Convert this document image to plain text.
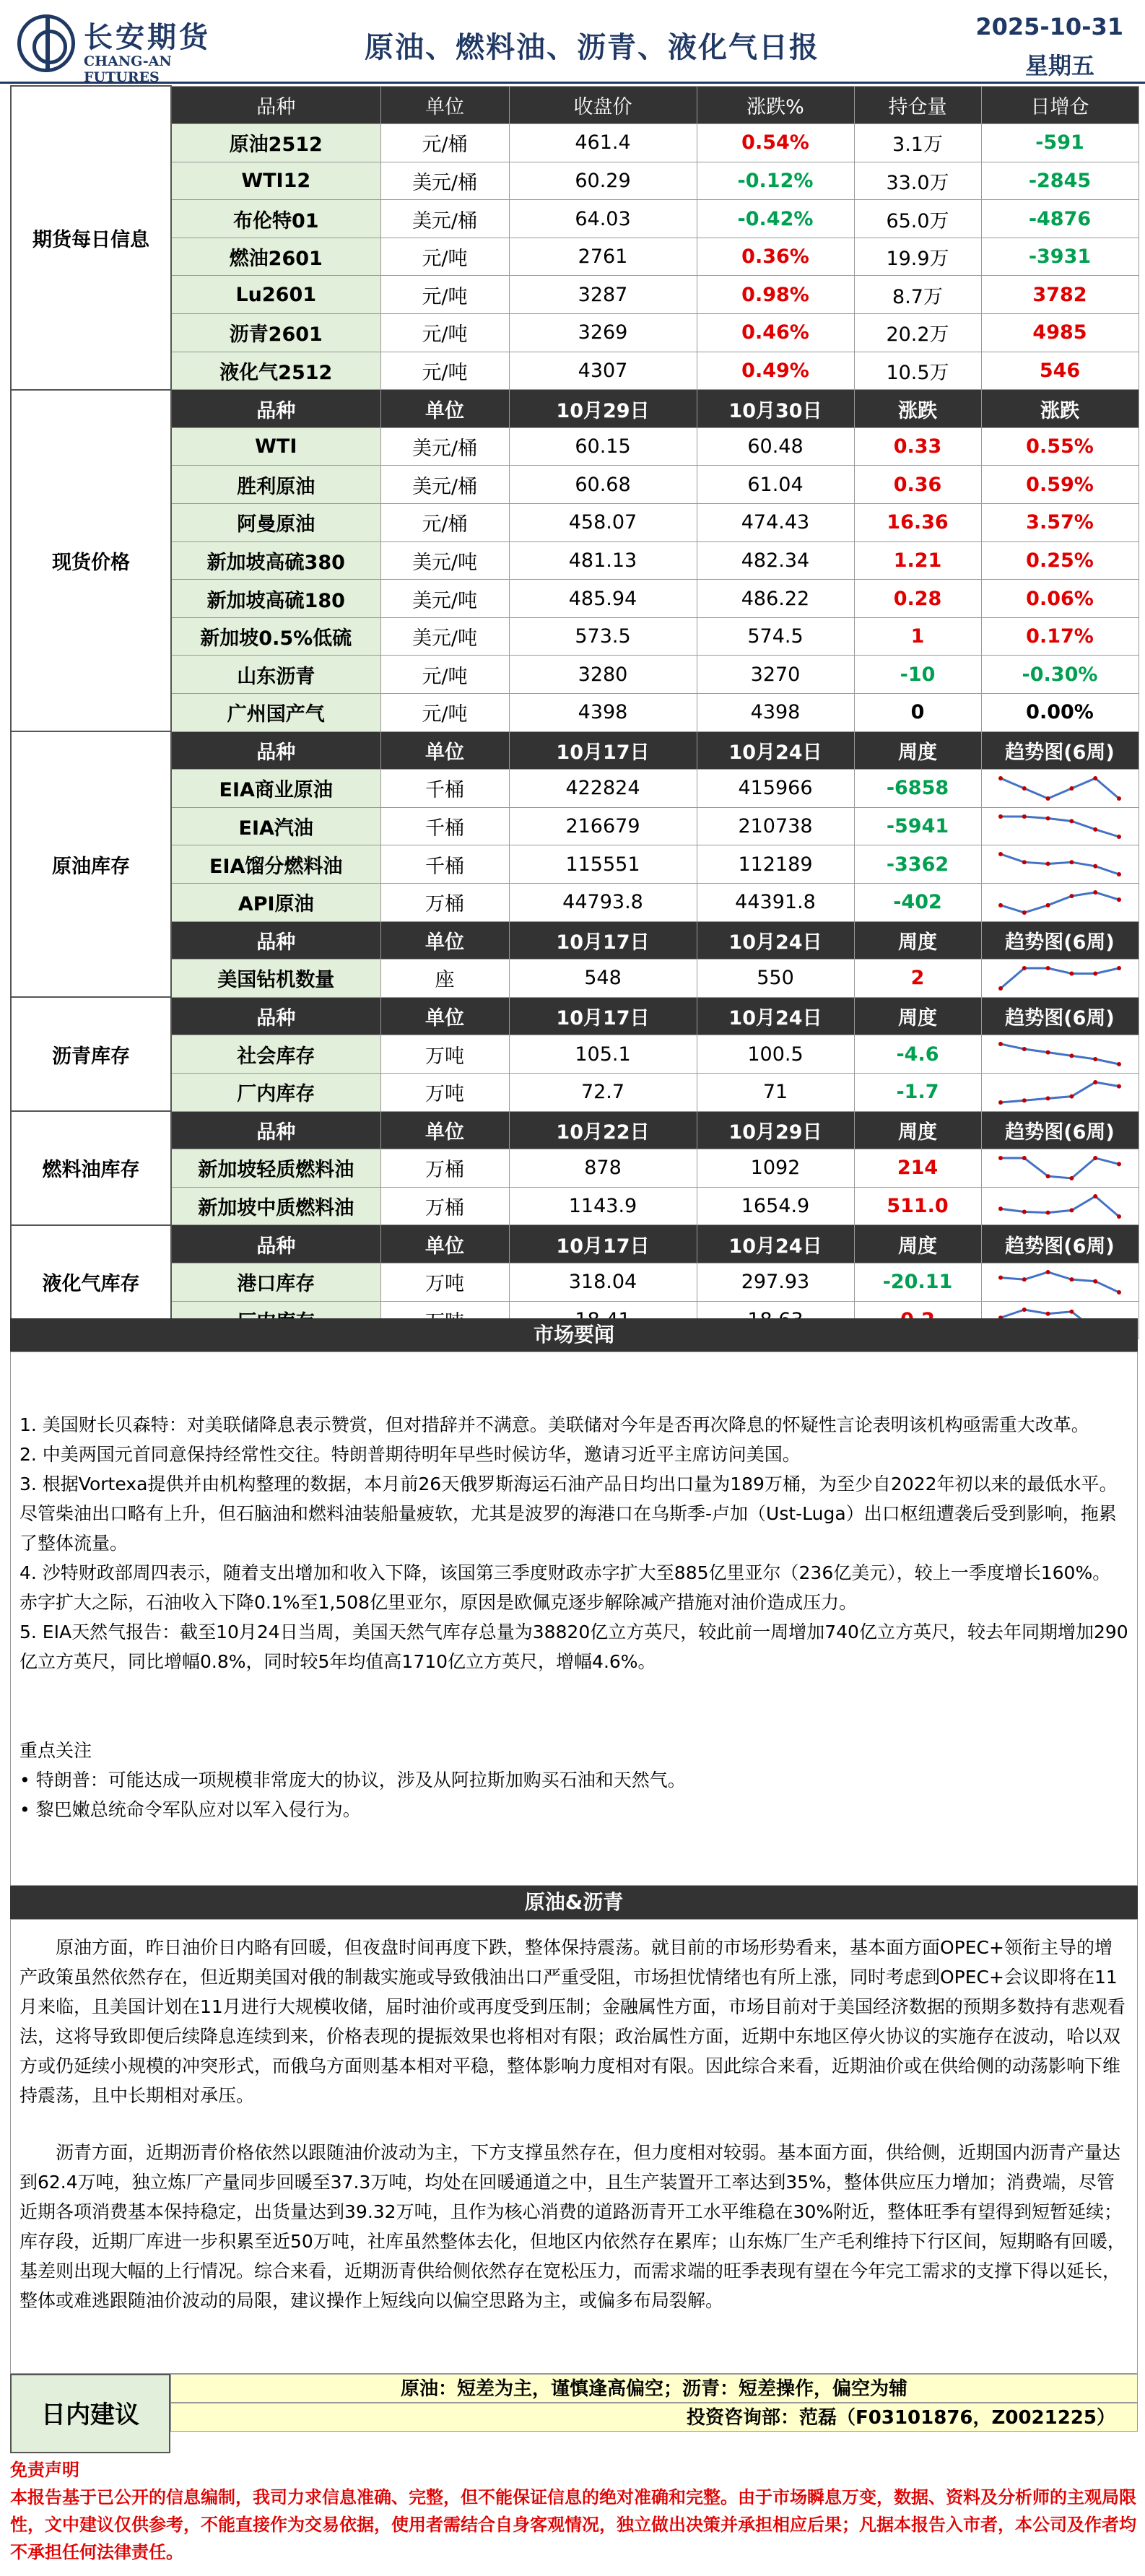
长安期货
CHANG-AN FUTURES
原油、燃料油、沥青、液化气日报
2025-10-31
星期五
期货每日信息	品种	单位	收盘价	涨跌%	持仓量	日增仓
	原油2512	元/桶	461.4	0.54%	3.1万	-591
	WTI12	美元/桶	60.29	-0.12%	33.0万	-2845
	布伦特01	美元/桶	64.03	-0.42%	65.0万	-4876
	燃油2601	元/吨	2761	0.36%	19.9万	-3931
	Lu2601	元/吨	3287	0.98%	8.7万	3782
	沥青2601	元/吨	3269	0.46%	20.2万	4985
	液化气2512	元/吨	4307	0.49%	10.5万	546
现货价格	品种	单位	10月29日	10月30日	涨跌	涨跌
	WTI	美元/桶	60.15	60.48	0.33	0.55%
	胜利原油	美元/桶	60.68	61.04	0.36	0.59%
	阿曼原油	元/桶	458.07	474.43	16.36	3.57%
	新加坡高硫380	美元/吨	481.13	482.34	1.21	0.25%
	新加坡高硫180	美元/吨	485.94	486.22	0.28	0.06%
	新加坡0.5%低硫	美元/吨	573.5	574.5	1	0.17%
	山东沥青	元/吨	3280	3270	-10	-0.30%
	广州国产气	元/吨	4398	4398	0	0.00%
原油库存	品种	单位	10月17日	10月24日	周度	趋势图(6周)
	EIA商业原油	千桶	422824	415966	-6858	

	EIA汽油	千桶	216679	210738	-5941	

	EIA馏分燃料油	千桶	115551	112189	-3362	

	API原油	万桶	44793.8	44391.8	-402	

	品种	单位	10月17日	10月24日	周度	趋势图(6周)
	美国钻机数量	座	548	550	2	

沥青库存	品种	单位	10月17日	10月24日	周度	趋势图(6周)
	社会库存	万吨	105.1	100.5	-4.6	

	厂内库存	万吨	72.7	71	-1.7	

燃料油库存	品种	单位	10月22日	10月29日	周度	趋势图(6周)
	新加坡轻质燃料油	万桶	878	1092	214	

	新加坡中质燃料油	万桶	1143.9	1654.9	511.0	

液化气库存	品种	单位	10月17日	10月24日	周度	趋势图(6周)
	港口库存	万吨	318.04	297.93	-20.11	

市场要闻

1. 美国财长贝森特：对美联储降息表示赞赏，但对措辞并不满意。美联储对今年是否再次降息的怀疑性言论表明该机构亟需重大改革。

2. 中美两国元首同意保持经常性交往。特朗普期待明年早些时候访华，邀请习近平主席访问美国。

3. 根据Vortexa提供并由机构整理的数据，本月前26天俄罗斯海运石油产品日均出口量为189万桶，为至少自2022年初以来的最低水平。尽管柴油出口略有上升，但石脑油和燃料油装船量疲软，尤其是波罗的海港口在乌斯季-卢加（Ust-Luga）出口枢纽遭袭后受到影响，拖累了整体流量。

4. 沙特财政部周四表示，随着支出增加和收入下降，该国第三季度财政赤字扩大至885亿里亚尔（236亿美元），较上一季度增长160%。赤字扩大之际，石油收入下降0.1%至1,508亿里亚尔，原因是欧佩克逐步解除减产措施对油价造成压力。

5. EIA天然气报告：截至10月24日当周，美国天然气库存总量为38820亿立方英尺，较此前一周增加740亿立方英尺，较去年同期增加290亿立方英尺，同比增幅0.8%，同时较5年均值高1710亿立方英尺，增幅4.6%。

重点关注

• 特朗普：可能达成一项规模非常庞大的协议，涉及从阿拉斯加购买石油和天然气。

• 黎巴嫩总统命令军队应对以军入侵行为。

原油&沥青

原油方面，昨日油价日内略有回暖，但夜盘时间再度下跌，整体保持震荡。就目前的市场形势看来，基本面方面OPEC+领衔主导的增产政策虽然依然存在，但近期美国对俄的制裁实施或导致俄油出口严重受阻，市场担忧情绪也有所上涨，同时考虑到OPEC+会议即将在11月来临，且美国计划在11月进行大规模收储，届时油价或再度受到压制；金融属性方面，市场目前对于美国经济数据的预期多数持有悲观看法，这将导致即便后续降息连续到来，价格表现的提振效果也将相对有限；政治属性方面，近期中东地区停火协议的实施存在波动，哈以双方或仍延续小规模的冲突形式，而俄乌方面则基本相对平稳，整体影响力度相对有限。因此综合来看，近期油价或在供给侧的动荡影响下维持震荡，且中长期相对承压。

沥青方面，近期沥青价格依然以跟随油价波动为主，下方支撑虽然存在，但力度相对较弱。基本面方面，供给侧，近期国内沥青产量达到62.4万吨，独立炼厂产量同步回暖至37.3万吨，均处在回暖通道之中，且生产装置开工率达到35%，整体供应压力增加；消费端，尽管近期各项消费基本保持稳定，出货量达到39.32万吨，且作为核心消费的道路沥青开工水平维稳在30%附近，整体旺季有望得到短暂延续；库存段，近期厂库进一步积累至近50万吨，社库虽然整体去化，但地区内依然存在累库；山东炼厂生产毛利维持下行区间，短期略有回暖，基差则出现大幅的上行情况。综合来看，近期沥青供给侧依然存在宽松压力，而需求端的旺季表现有望在今年完工需求的支撑下得以延长，整体或难逃跟随油价波动的局限，建议操作上短线向以偏空思路为主，或偏多布局裂解。

日内建议
原油：短差为主，谨慎逢高偏空；沥青：短差操作，偏空为辅
投资咨询部：范磊（F03101876，Z0021225）

免责声明

本报告基于已公开的信息编制，我司力求信息准确、完整，但不能保证信息的绝对准确和完整。由于市场瞬息万变，数据、资料及分析师的主观局限性，文中建议仅供参考，不能直接作为交易依据，使用者需结合自身客观情况，独立做出决策并承担相应后果；凡据本报告入市者，本公司及作者均不承担任何法律责任。
